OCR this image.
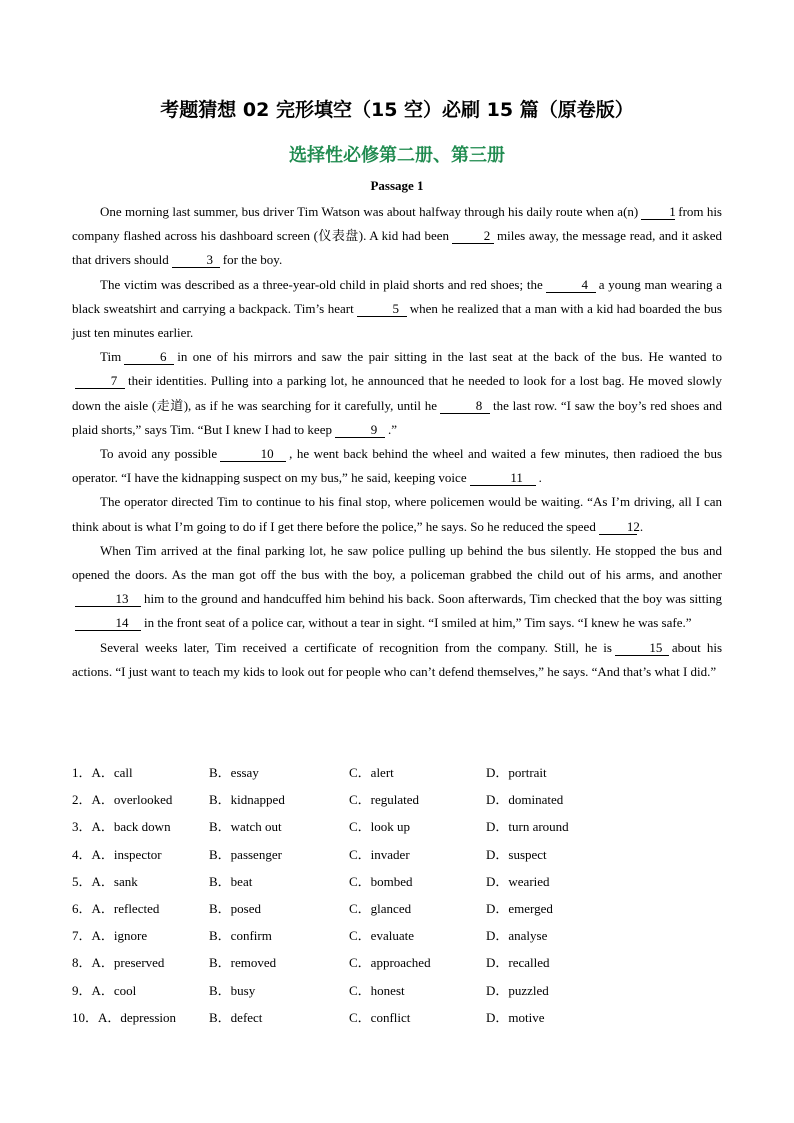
考题猜想 02 完形填空（15 空）必刷 15 篇（原卷版）
选择性必修第二册、第三册
Passage 1

One morning last summer, bus driver Tim Watson was about halfway through his daily route when a(n) 1 from his company flashed across his dashboard screen (仪表盘). A kid had been	2 miles away, the message read, and it asked that drivers should	3 for the boy.

The victim was described as a three-year-old child in plaid shorts and red shoes; the	4 a young man wearing a black sweatshirt and carrying a backpack. Tim’s heart	5 when he realized that a man with a kid had boarded the bus just ten minutes earlier.

Tim	6 in one of his mirrors and saw the pair sitting in the last seat at the back of the bus. He wanted to7 their identities. Pulling into a parking lot, he announced that he needed to look for a lost bag. He moved slowly down the aisle (走道), as if he was searching for it carefully, until he	8 the last row. “I saw the boy’s red shoes and plaid shorts,” says Tim. “But I knew I had to keep	9 .”

To avoid any possible	10 , he went back behind the wheel and waited a few minutes, then radioed the bus operator. “I have the kidnapping suspect on my bus,” he said, keeping voice	11 .

The operator directed Tim to continue to his final stop, where policemen would be waiting. “As I’m driving, all I can think about is what I’m going to do if I get there before the police,” he says. So he reduced the speed 12.

When Tim arrived at the final parking lot, he saw police pulling up behind the bus silently. He stopped the bus and opened the doors. As the man got off the bus with the boy, a policeman grabbed the child out of his arms, and another13 him to the ground and handcuffed him behind his back. Soon afterwards, Tim checked that the boy was sitting14 in the front seat of a police car, without a tear in sight. “I smiled at him,” Tim says. “I knew he was safe.”

Several weeks later, Tim received a certificate of recognition from the company. Still, he is	15 about his actions. “I just want to teach my kids to look out for people who can’t defend themselves,” he says. “And that’s what I did.”

1．A．call	B．essay	C．alert	D．portrait
2．A．overlooked	B．kidnapped	C．regulated	D．dominated
3．A．back down	B．watch out	C．look up	D．turn around
4．A．inspector	B．passenger	C．invader	D．suspect
5．A．sank	B．beat	C．bombed	D．wearied
6．A．reflected	B．posed	C．glanced	D．emerged
7．A．ignore	B．confirm	C．evaluate	D．analyse
8．A．preserved	B．removed	C．approached	D．recalled
9．A．cool	B．busy	C．honest	D．puzzled
10．A．depression	B．defect	C．conflict	D．motive
